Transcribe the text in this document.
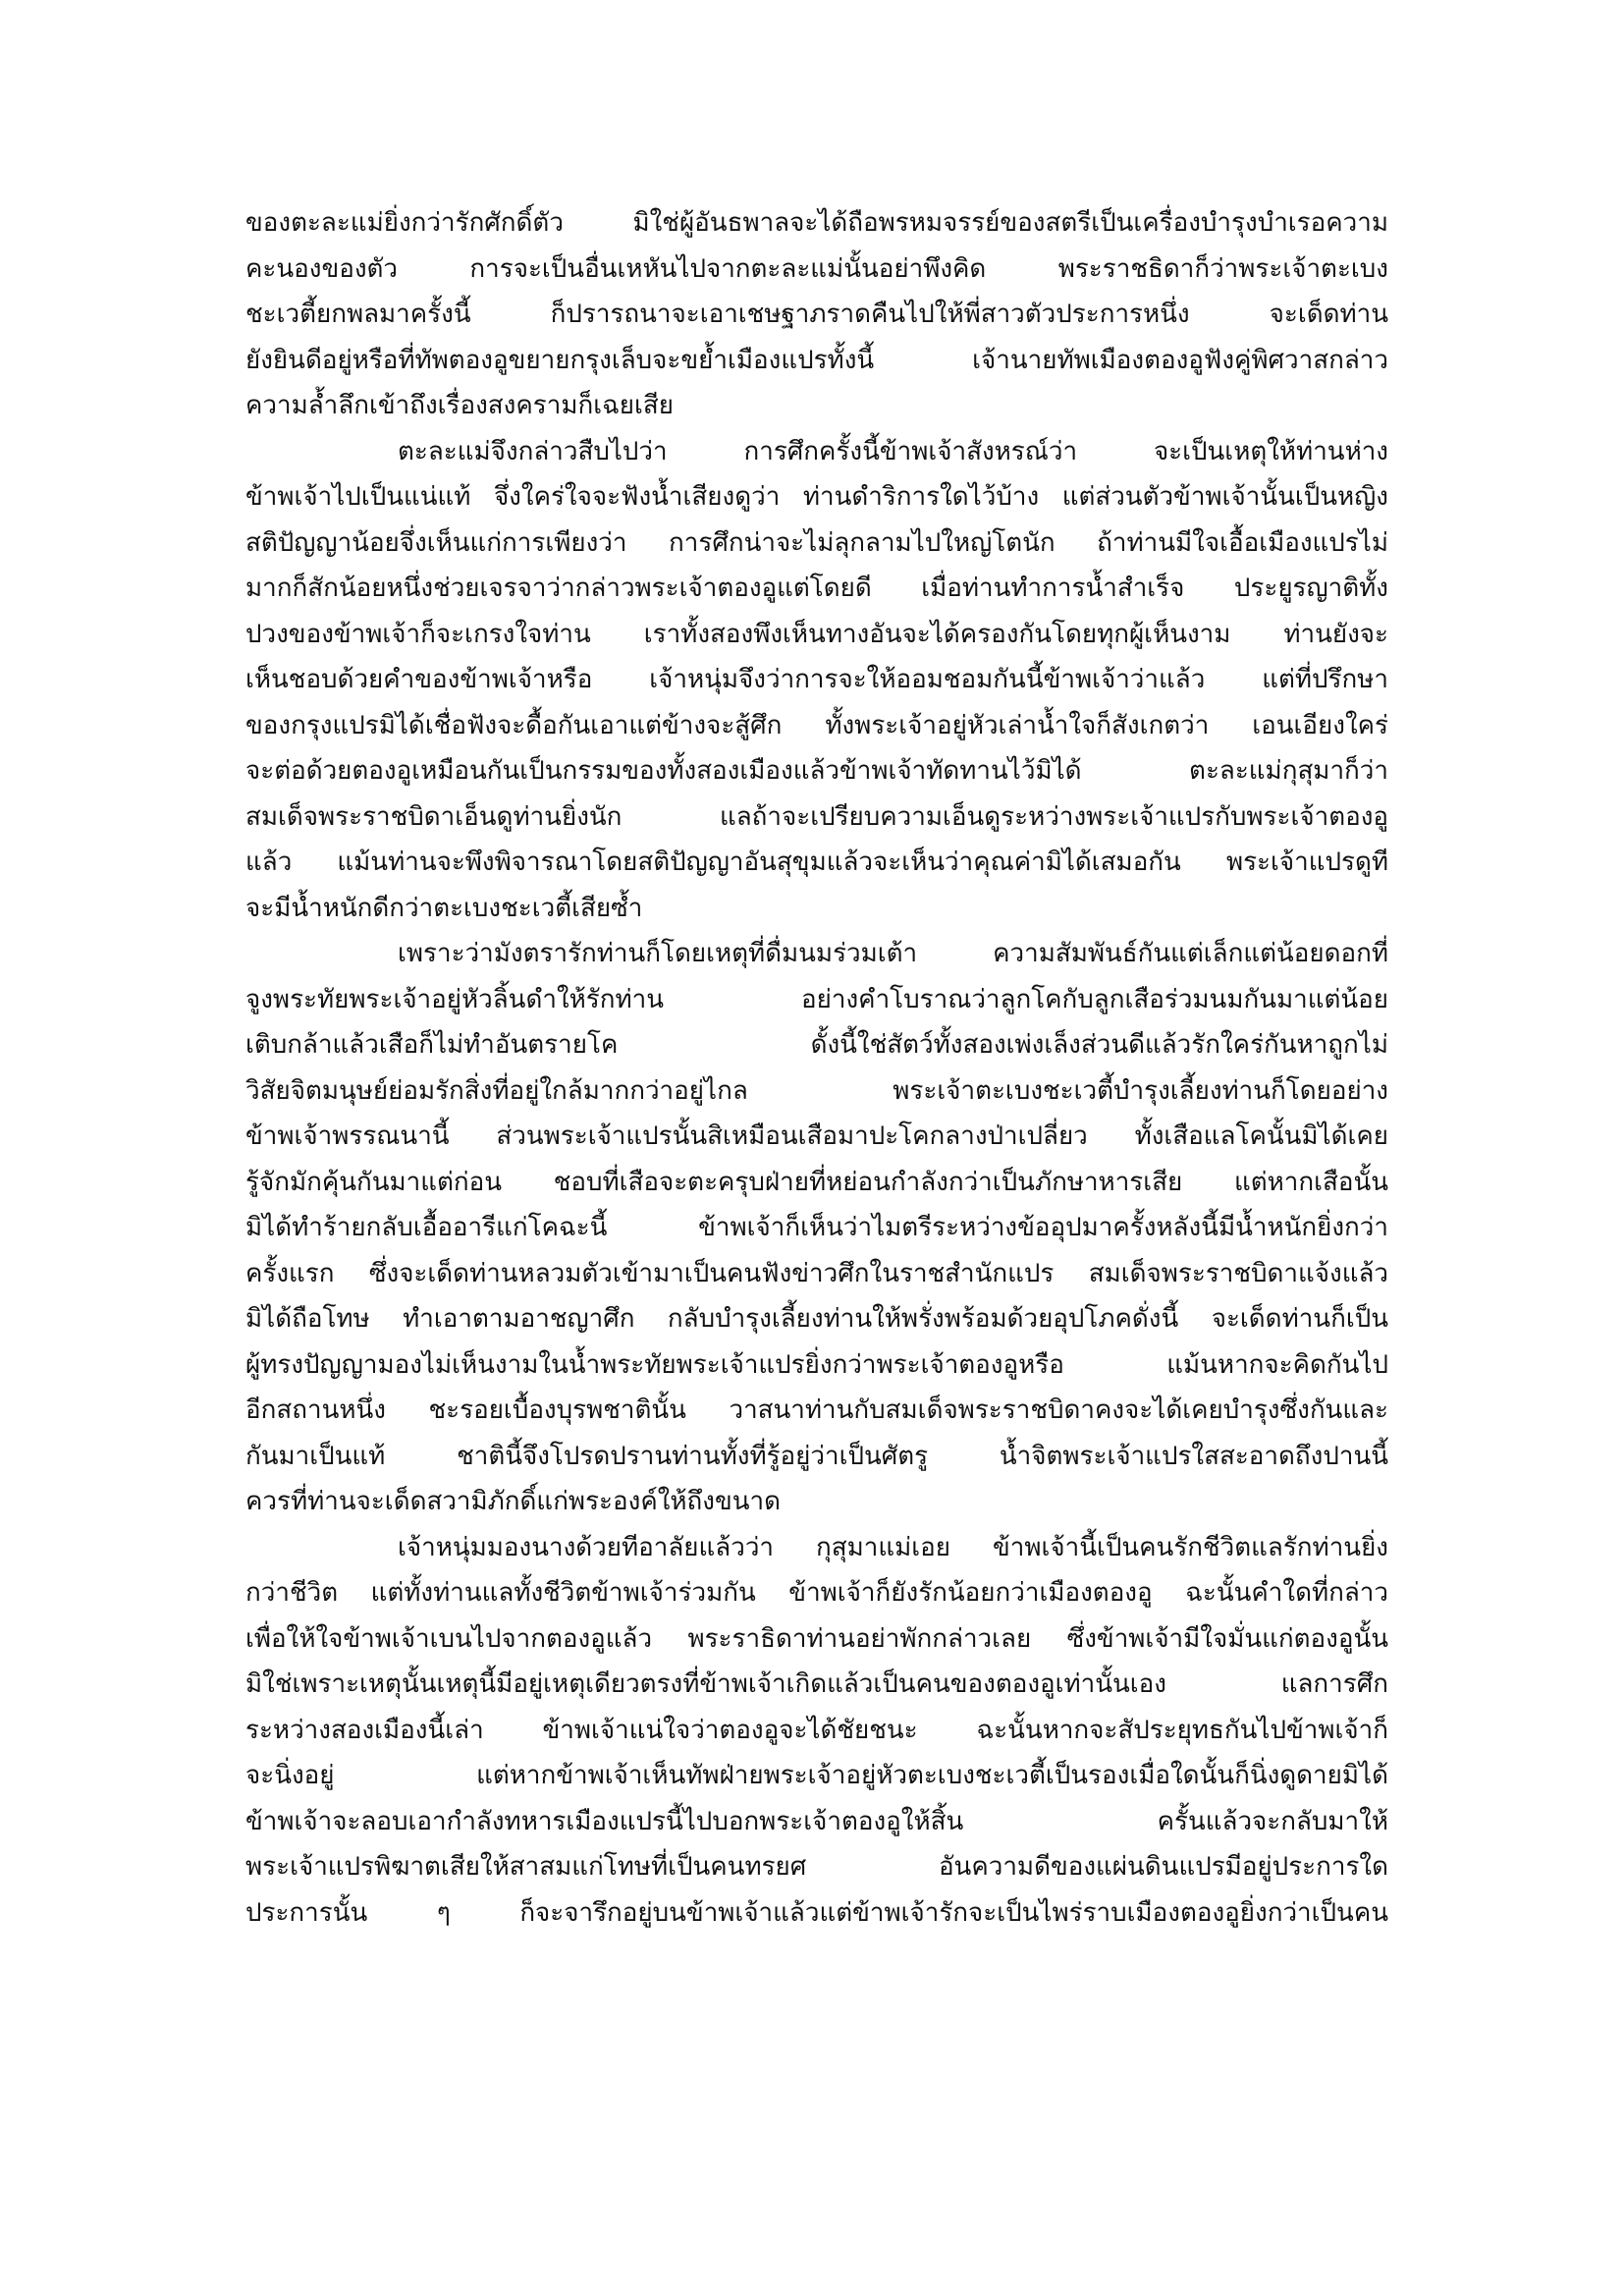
ของตะละแม่ยิ่งกว่ารักศักดิ์ตัว มิใช่ผู้อันธพาลจะได้ถือพรหมจรรย์ของสตรีเป็นเครื่องบำรุงบำเรอความ
คะนองของตัว การจะเป็นอื่นเหหันไปจากตะละแม่นั้นอย่าพึงคิด พระราชธิดาก็ว่าพระเจ้าตะเบง
ชะเวตี้ยกพลมาครั้งนี้ ก็ปรารถนาจะเอาเชษฐาภราดคืนไปให้พี่สาวตัวประการหนึ่ง จะเด็ดท่าน
ยังยินดีอยู่หรือที่ทัพตองอูขยายกรุงเล็บจะขย้ำเมืองแปรทั้งนี้ เจ้านายทัพเมืองตองอูฟังคู่พิศวาสกล่าว
ความล้ำลึกเข้าถึงเรื่องสงครามก็เฉยเสีย
ตะละแม่จึงกล่าวสืบไปว่า การศึกครั้งนี้ข้าพเจ้าสังหรณ์ว่า จะเป็นเหตุให้ท่านห่าง
ข้าพเจ้าไปเป็นแน่แท้ จึ่งใคร่ใจจะฟังน้ำเสียงดูว่า ท่านดำริการใดไว้บ้าง แต่ส่วนตัวข้าพเจ้านั้นเป็นหญิง
สติปัญญาน้อยจึ่งเห็นแก่การเพียงว่า การศึกน่าจะไม่ลุกลามไปใหญ่โตนัก ถ้าท่านมีใจเอื้อเมืองแปรไม่
มากก็สักน้อยหนึ่งช่วยเจรจาว่ากล่าวพระเจ้าตองอูแต่โดยดี เมื่อท่านทำการน้ำสำเร็จ ประยูรญาติทั้ง
ปวงของข้าพเจ้าก็จะเกรงใจท่าน เราทั้งสองพึงเห็นทางอันจะได้ครองกันโดยทุกผู้เห็นงาม ท่านยังจะ
เห็นชอบด้วยคำของข้าพเจ้าหรือ เจ้าหนุ่มจึงว่าการจะให้ออมชอมกันนี้ข้าพเจ้าว่าแล้ว แต่ที่ปรึกษา
ของกรุงแปรมิได้เชื่อฟังจะดื้อกันเอาแต่ข้างจะสู้ศึก ทั้งพระเจ้าอยู่หัวเล่าน้ำใจก็สังเกตว่า เอนเอียงใคร่
จะต่อด้วยตองอูเหมือนกันเป็นกรรมของทั้งสองเมืองแล้วข้าพเจ้าทัดทานไว้มิได้ ตะละแม่กุสุมาก็ว่า
สมเด็จพระราชบิดาเอ็นดูท่านยิ่งนัก แลถ้าจะเปรียบความเอ็นดูระหว่างพระเจ้าแปรกับพระเจ้าตองอู
แล้ว แม้นท่านจะพึงพิจารณาโดยสติปัญญาอันสุขุมแล้วจะเห็นว่าคุณค่ามิได้เสมอกัน พระเจ้าแปรดูที
จะมีน้ำหนักดีกว่าตะเบงชะเวตี้เสียซ้ำ
เพราะว่ามังตรารักท่านก็โดยเหตุที่ดื่มนมร่วมเต้า ความสัมพันธ์กันแต่เล็กแต่น้อยดอกที่
จูงพระทัยพระเจ้าอยู่หัวลิ้นดำให้รักท่าน อย่างคำโบราณว่าลูกโคกับลูกเสือร่วมนมกันมาแต่น้อย
เติบกล้าแล้วเสือก็ไม่ทำอันตรายโค ดั้งนี้ใช่สัตว์ทั้งสองเพ่งเล็งส่วนดีแล้วรักใคร่กันหาถูกไม่
วิสัยจิตมนุษย์ย่อมรักสิ่งที่อยู่ใกล้มากกว่าอยู่ไกล พระเจ้าตะเบงชะเวตี้บำรุงเลี้ยงท่านก็โดยอย่าง
ข้าพเจ้าพรรณนานี้ ส่วนพระเจ้าแปรนั้นสิเหมือนเสือมาปะโคกลางป่าเปลี่ยว ทั้งเสือแลโคนั้นมิได้เคย
รู้จักมักคุ้นกันมาแต่ก่อน ชอบที่เสือจะตะครุบฝ่ายที่หย่อนกำลังกว่าเป็นภักษาหารเสีย แต่หากเสือนั้น
มิได้ทำร้ายกลับเอื้ออารีแก่โคฉะนี้ ข้าพเจ้าก็เห็นว่าไมตรีระหว่างข้ออุปมาครั้งหลังนี้มีน้ำหนักยิ่งกว่า
ครั้งแรก ซึ่งจะเด็ดท่านหลวมตัวเข้ามาเป็นคนฟังข่าวศึกในราชสำนักแปร สมเด็จพระราชบิดาแจ้งแล้ว
มิได้ถือโทษ ทำเอาตามอาชญาศึก กลับบำรุงเลี้ยงท่านให้พรั่งพร้อมด้วยอุปโภคดั่งนี้ จะเด็ดท่านก็เป็น
ผู้ทรงปัญญามองไม่เห็นงามในน้ำพระทัยพระเจ้าแปรยิ่งกว่าพระเจ้าตองอูหรือ แม้นหากจะคิดกันไป
อีกสถานหนึ่ง ชะรอยเบื้องบุรพชาตินั้น วาสนาท่านกับสมเด็จพระราชบิดาคงจะได้เคยบำรุงซึ่งกันและ
กันมาเป็นแท้ ชาตินี้จึงโปรดปรานท่านทั้งที่รู้อยู่ว่าเป็นศัตรู น้ำจิตพระเจ้าแปรใสสะอาดถึงปานนี้
ควรที่ท่านจะเด็ดสวามิภักดิ์แก่พระองค์ให้ถึงขนาด
เจ้าหนุ่มมองนางด้วยทีอาลัยแล้วว่า กุสุมาแม่เอย ข้าพเจ้านี้เป็นคนรักชีวิตแลรักท่านยิ่ง
กว่าชีวิต แต่ทั้งท่านแลทั้งชีวิตข้าพเจ้าร่วมกัน ข้าพเจ้าก็ยังรักน้อยกว่าเมืองตองอู ฉะนั้นคำใดที่กล่าว
เพื่อให้ใจข้าพเจ้าเบนไปจากตองอูแล้ว พระราธิดาท่านอย่าพักกล่าวเลย ซึ่งข้าพเจ้ามีใจมั่นแก่ตองอูนั้น
มิใช่เพราะเหตุนั้นเหตุนี้มีอยู่เหตุเดียวตรงที่ข้าพเจ้าเกิดแล้วเป็นคนของตองอูเท่านั้นเอง แลการศึก
ระหว่างสองเมืองนี้เล่า ข้าพเจ้าแน่ใจว่าตองอูจะได้ชัยชนะ ฉะนั้นหากจะสัประยุทธกันไปข้าพเจ้าก็
จะนิ่งอยู่ แต่หากข้าพเจ้าเห็นทัพฝ่ายพระเจ้าอยู่หัวตะเบงชะเวตี้เป็นรองเมื่อใดนั้นก็นิ่งดูดายมิได้
ข้าพเจ้าจะลอบเอากำลังทหารเมืองแปรนี้ไปบอกพระเจ้าตองอูให้สิ้น ครั้นแล้วจะกลับมาให้
พระเจ้าแปรพิฆาตเสียให้สาสมแก่โทษที่เป็นคนทรยศ อันความดีของแผ่นดินแปรมีอยู่ประการใด
ประการนั้น ๆ ก็จะจารึกอยู่บนข้าพเจ้าแล้วแต่ข้าพเจ้ารักจะเป็นไพร่ราบเมืองตองอูยิ่งกว่าเป็นคน
